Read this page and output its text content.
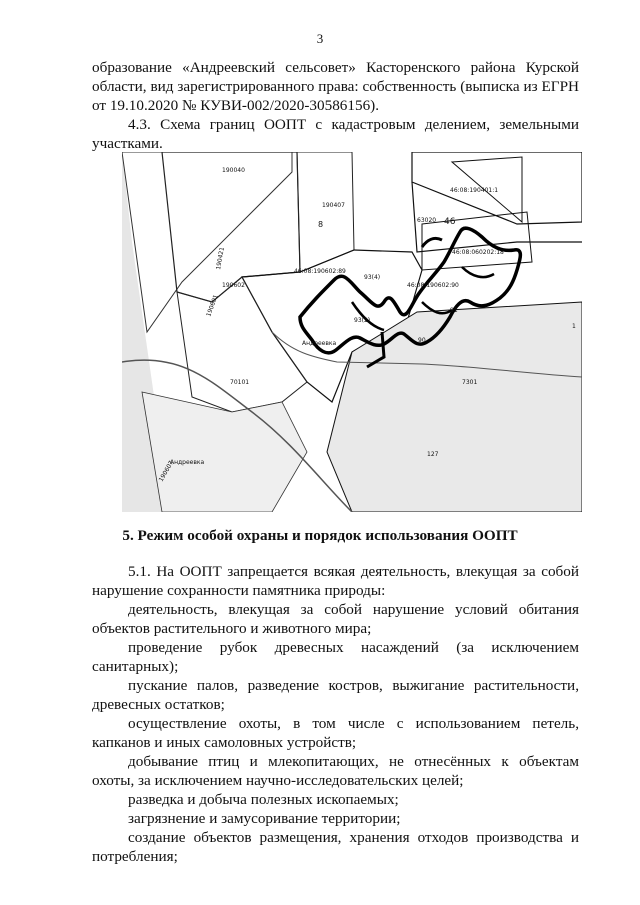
3
образование «Андреевский сельсовет» Касторенского района Курской
области, вид зарегистрированного права: собственность (выписка из ЕГРН
от 19.10.2020 № КУВИ-002/2020-30586156).
4.3. Схема границ ООПТ с кадастровым делением, земельными
участками.
190040
190407
8
46:08:190401:1
63020 46
46:08:060202:18
190421
46:08:190602:89
93(4)
46:08:190602:90
190602
190601
93(2)
91
90
Андреевка
70101	7301
Андреевка
190607
127
1
5. Режим особой охраны и порядок использования ООПТ
5.1. На ООПТ запрещается всякая деятельность, влекущая за собой
нарушение сохранности памятника природы:
деятельность, влекущая за собой нарушение условий обитания
объектов растительного и животного мира;
проведение рубок древесных насаждений (за исключением
санитарных);
пускание палов, разведение костров, выжигание растительности,
древесных остатков;
осуществление охоты, в том числе с использованием петель,
капканов и иных самоловных устройств;
добывание птиц и млекопитающих, не отнесённых к объектам
охоты, за исключением научно-исследовательских целей;
разведка и добыча полезных ископаемых;
загрязнение и замусоривание территории;
создание объектов размещения, хранения отходов производства и
потребления;
